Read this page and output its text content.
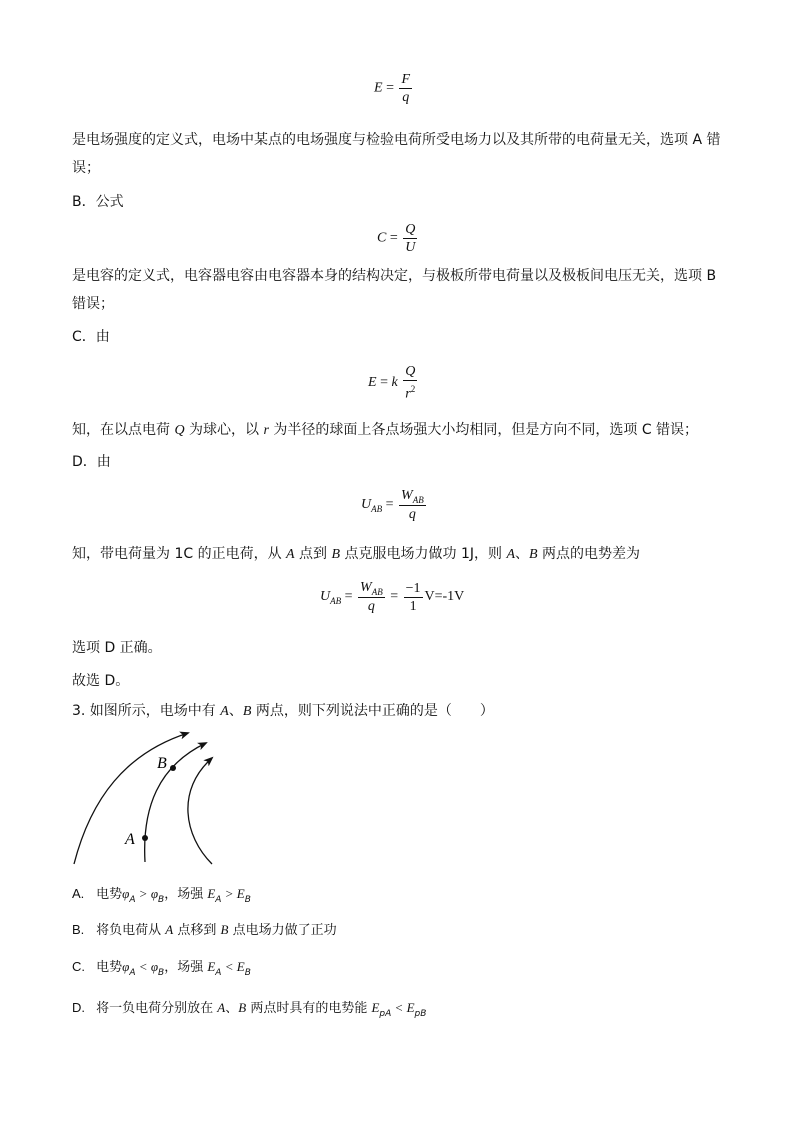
$E = \frac{F}{q}$

是电场强度的定义式，电场中某点的电场强度与检验电荷所受电场力以及其所带的电荷量无关，选项 A 错
误；

B．公式

$C = \frac{Q}{U}$

是电容的定义式，电容器电容由电容器本身的结构决定，与极板所带电荷量以及极板间电压无关，选项 B
错误；

C．由

E = k $\frac{Q}{r^2}$

知，在以点电荷 Q 为球心，以 r 为半径的球面上各点场强大小均相同，但是方向不同，选项 C 错误；

D．由

$U_{AB} = \frac{W_{AB}}{q}$

知，带电荷量为 1C 的正电荷，从 A 点到 B 点克服电场力做功 1J，则 A、B 两点的电势差为

$U_{AB} = \frac{W_{AB}}{q} = \frac{-1}{1} V=-1V$

选项 D 正确。

故选 D。

3. 如图所示，电场中有 A、B 两点，则下列说法中正确的是（　　）

B
A
A. 电势$\varphi_A > \varphi_B$，场强 $E_A > E_B$
B. 将负电荷从 A 点移到 B 点电场力做了正功
C. 电势$\varphi_A < \varphi_B$，场强 $E_A < E_B$
D. 将一负电荷分别放在 A、B 两点时具有的电势能 $E_{pA} < E_{pB}$
